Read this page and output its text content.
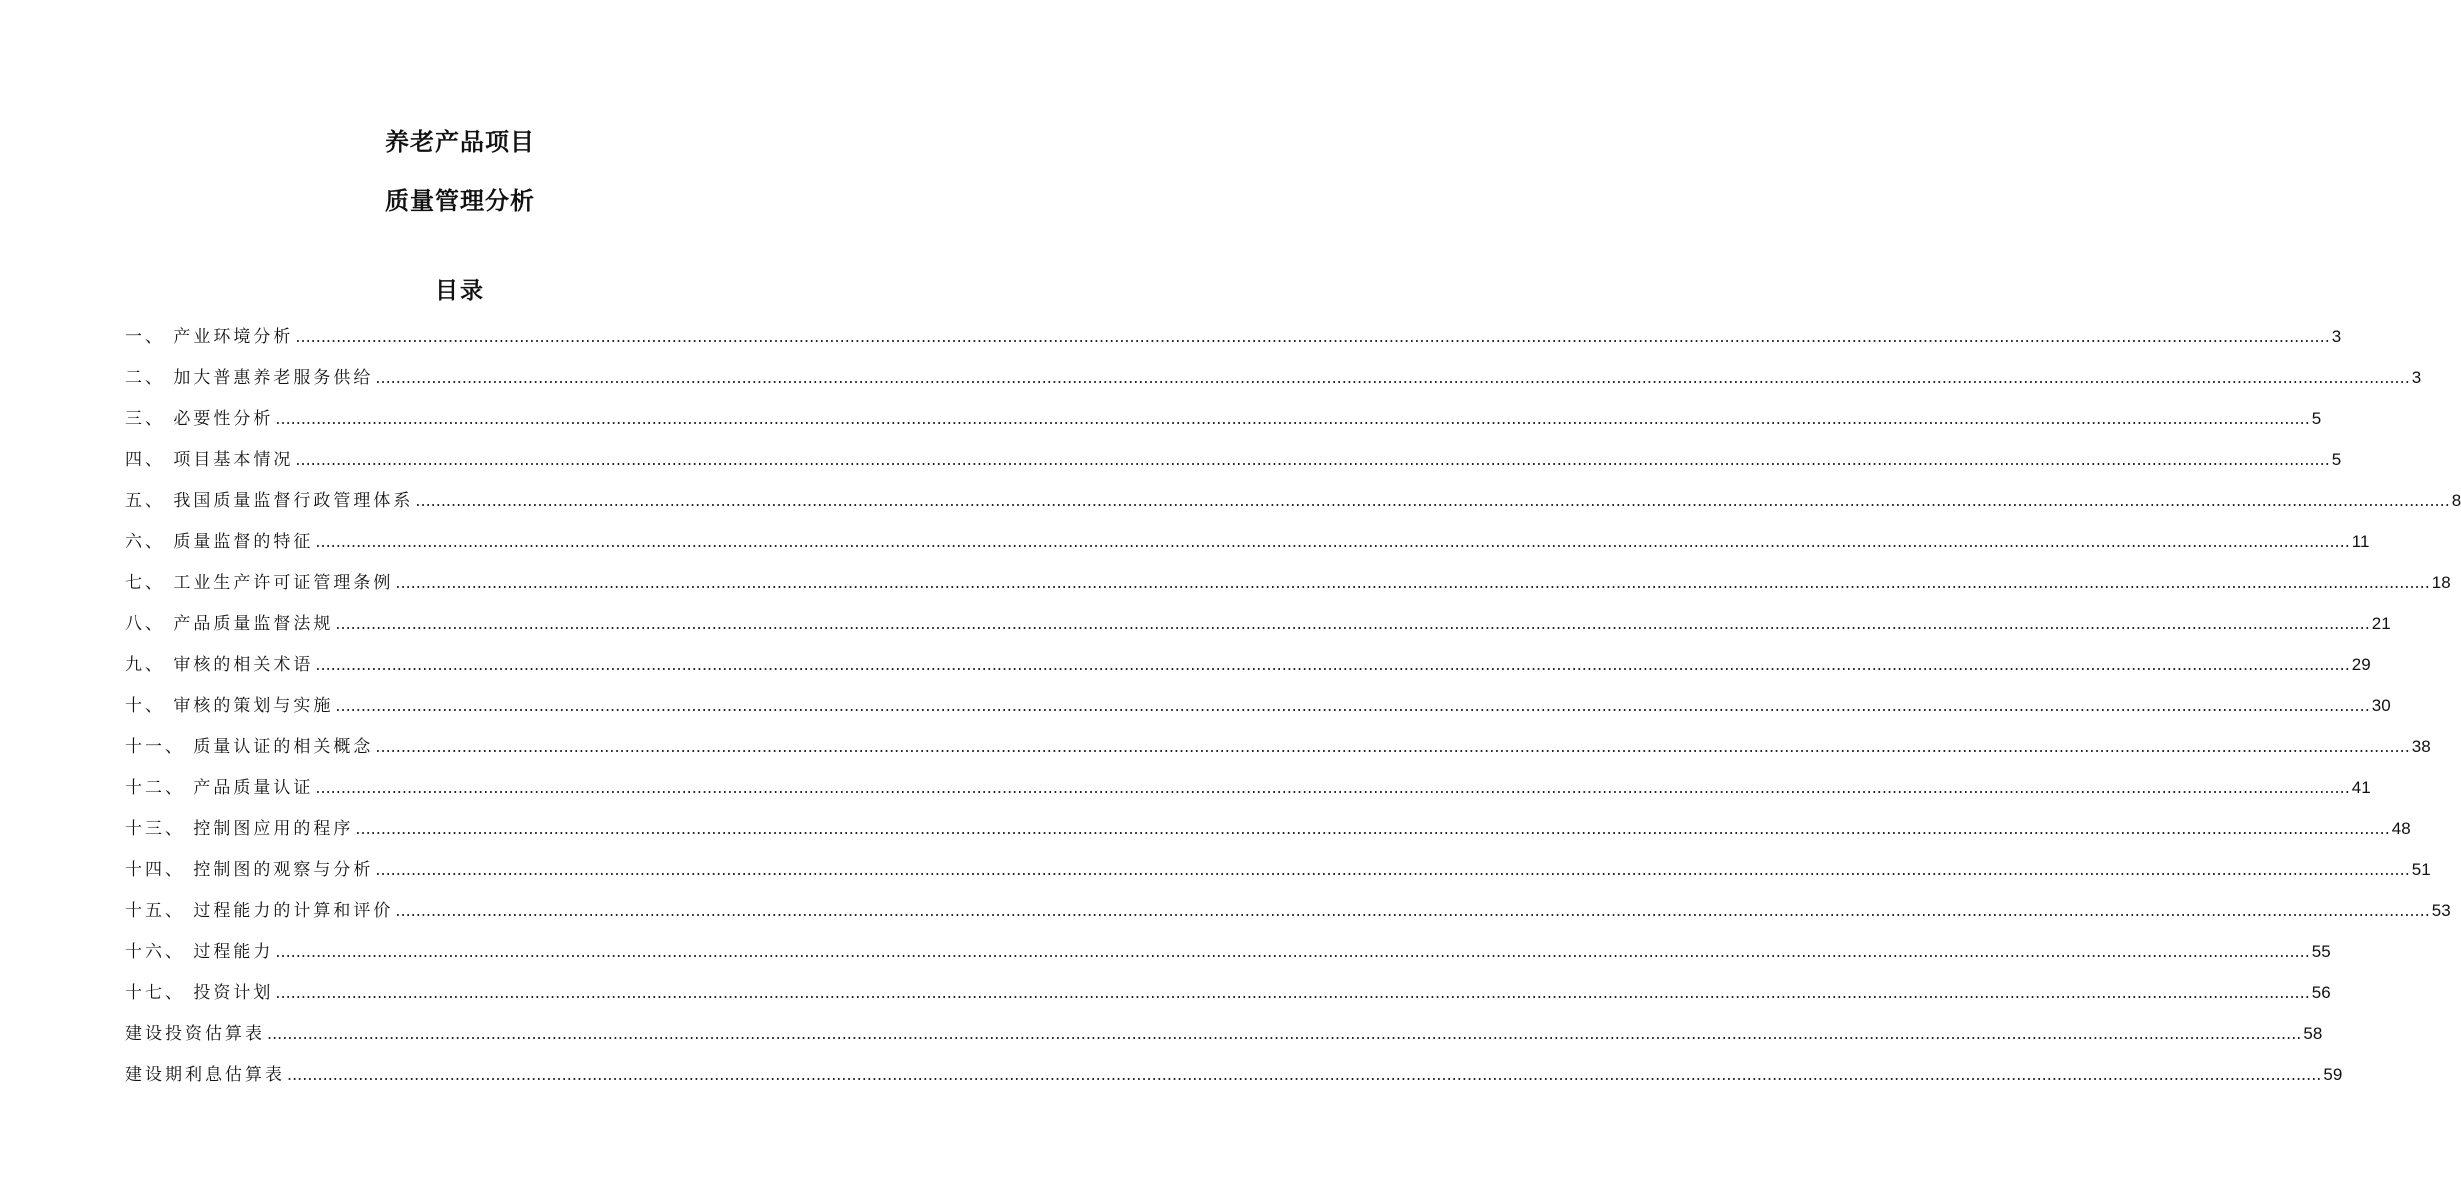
养老产品项目
质量管理分析
目录
一、 产业环境分析 ................................................................................................................................................................................................................................................................................................................................................................................................................ 3
二、 加大普惠养老服务供给 ................................................................................................................................................................................................................................................................................................................................................................................................................ 3
三、 必要性分析 ................................................................................................................................................................................................................................................................................................................................................................................................................ 5
四、 项目基本情况 ................................................................................................................................................................................................................................................................................................................................................................................................................ 5
五、 我国质量监督行政管理体系 ................................................................................................................................................................................................................................................................................................................................................................................................................ 8
六、 质量监督的特征 ................................................................................................................................................................................................................................................................................................................................................................................................................ 11
七、 工业生产许可证管理条例 ................................................................................................................................................................................................................................................................................................................................................................................................................ 18
八、 产品质量监督法规 ................................................................................................................................................................................................................................................................................................................................................................................................................ 21
九、 审核的相关术语 ................................................................................................................................................................................................................................................................................................................................................................................................................ 29
十、 审核的策划与实施 ................................................................................................................................................................................................................................................................................................................................................................................................................ 30
十一、 质量认证的相关概念 ................................................................................................................................................................................................................................................................................................................................................................................................................ 38
十二、 产品质量认证 ................................................................................................................................................................................................................................................................................................................................................................................................................ 41
十三、 控制图应用的程序 ................................................................................................................................................................................................................................................................................................................................................................................................................ 48
十四、 控制图的观察与分析 ................................................................................................................................................................................................................................................................................................................................................................................................................ 51
十五、 过程能力的计算和评价 ................................................................................................................................................................................................................................................................................................................................................................................................................ 53
十六、 过程能力 ................................................................................................................................................................................................................................................................................................................................................................................................................ 55
十七、 投资计划 ................................................................................................................................................................................................................................................................................................................................................................................................................ 56
建设投资估算表 ................................................................................................................................................................................................................................................................................................................................................................................................................ 58
建设期利息估算表 ................................................................................................................................................................................................................................................................................................................................................................................................................ 59
